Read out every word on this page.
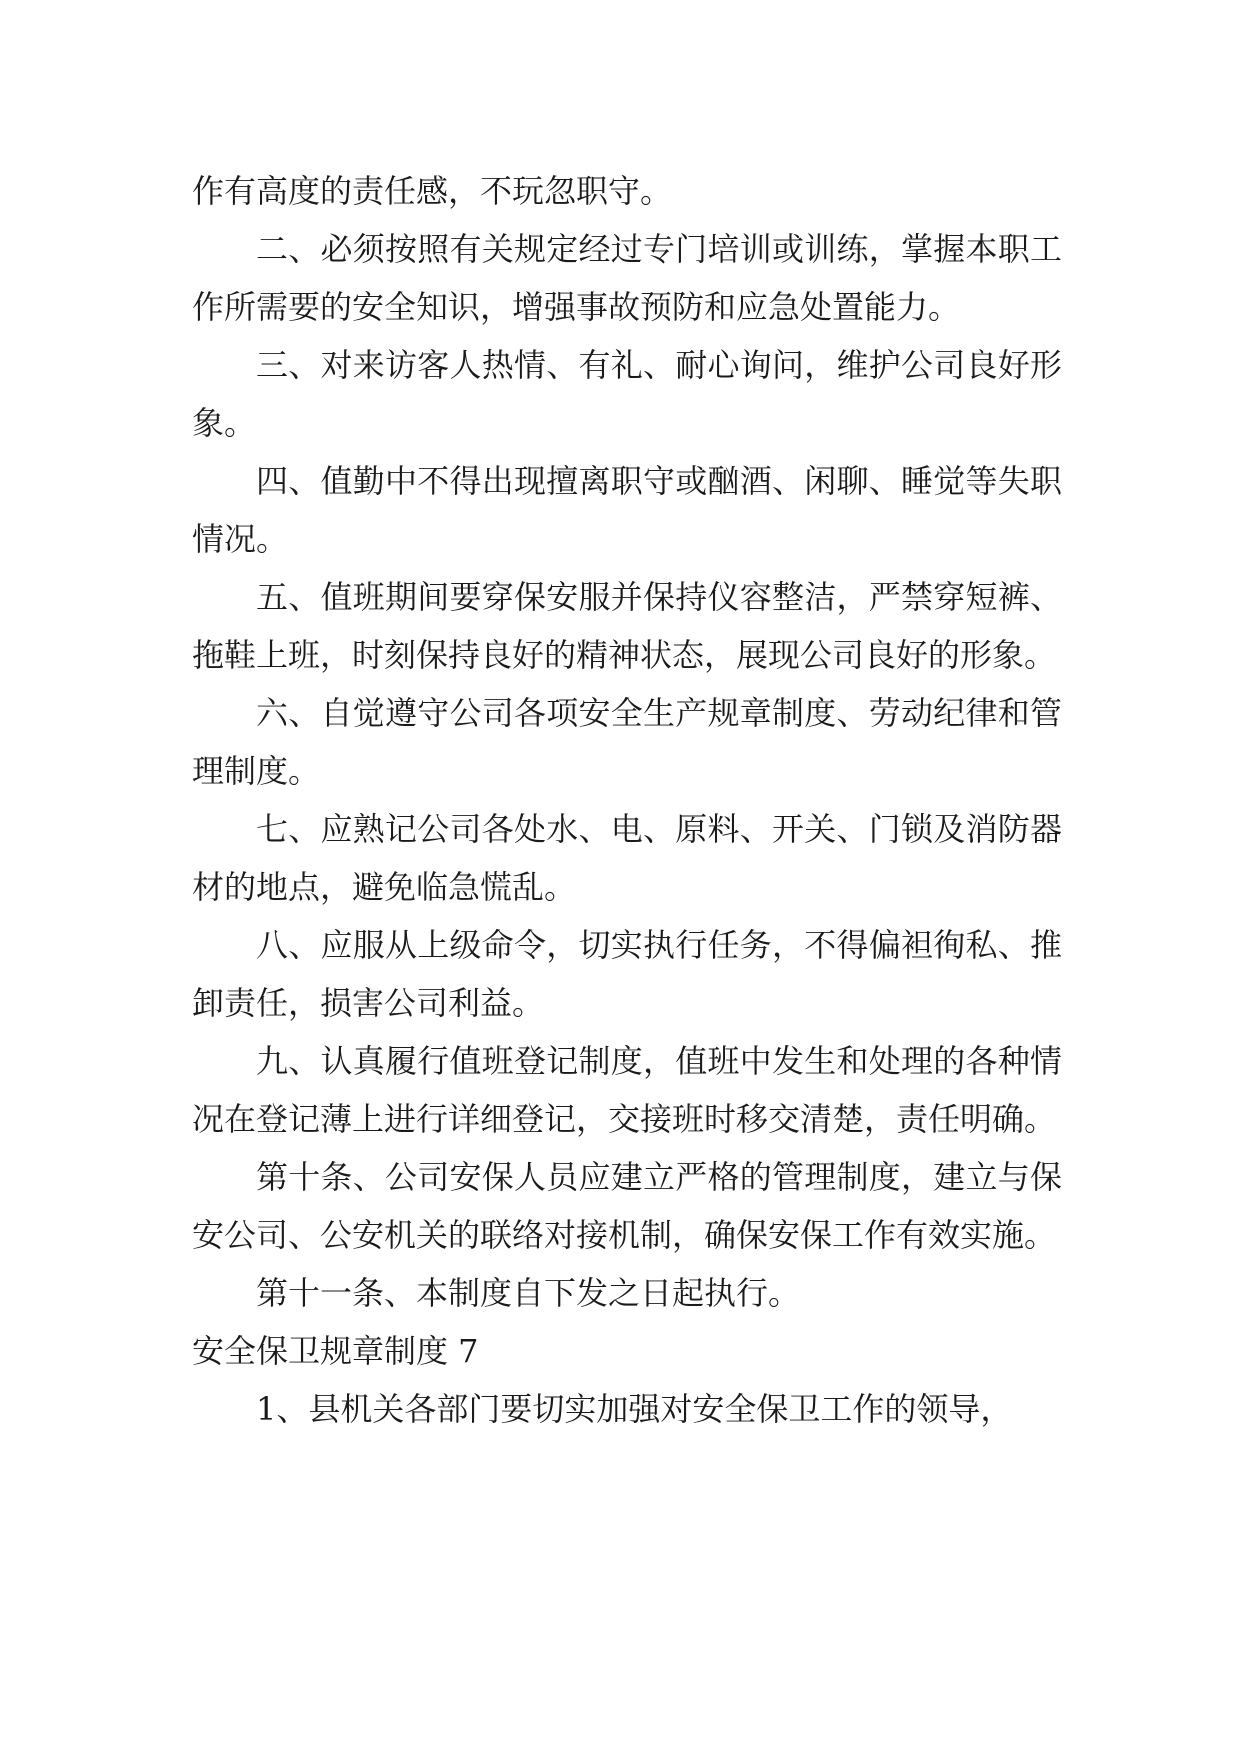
作有高度的责任感，不玩忽职守。

二、必须按照有关规定经过专门培训或训练，掌握本职工作所需要的安全知识，增强事故预防和应急处置能力。

三、对来访客人热情、有礼、耐心询问，维护公司良好形象。

四、值勤中不得出现擅离职守或酗酒、闲聊、睡觉等失职情况。

五、值班期间要穿保安服并保持仪容整洁，严禁穿短裤、拖鞋上班，时刻保持良好的精神状态，展现公司良好的形象。

六、自觉遵守公司各项安全生产规章制度、劳动纪律和管理制度。

七、应熟记公司各处水、电、原料、开关、门锁及消防器材的地点，避免临急慌乱。

八、应服从上级命令，切实执行任务，不得偏袒徇私、推卸责任，损害公司利益。

九、认真履行值班登记制度，值班中发生和处理的各种情况在登记薄上进行详细登记，交接班时移交清楚，责任明确。

第十条、公司安保人员应建立严格的管理制度，建立与保安公司、公安机关的联络对接机制，确保安保工作有效实施。

第十一条、本制度自下发之日起执行。

安全保卫规章制度 7

1、县机关各部门要切实加强对安全保卫工作的领导，
